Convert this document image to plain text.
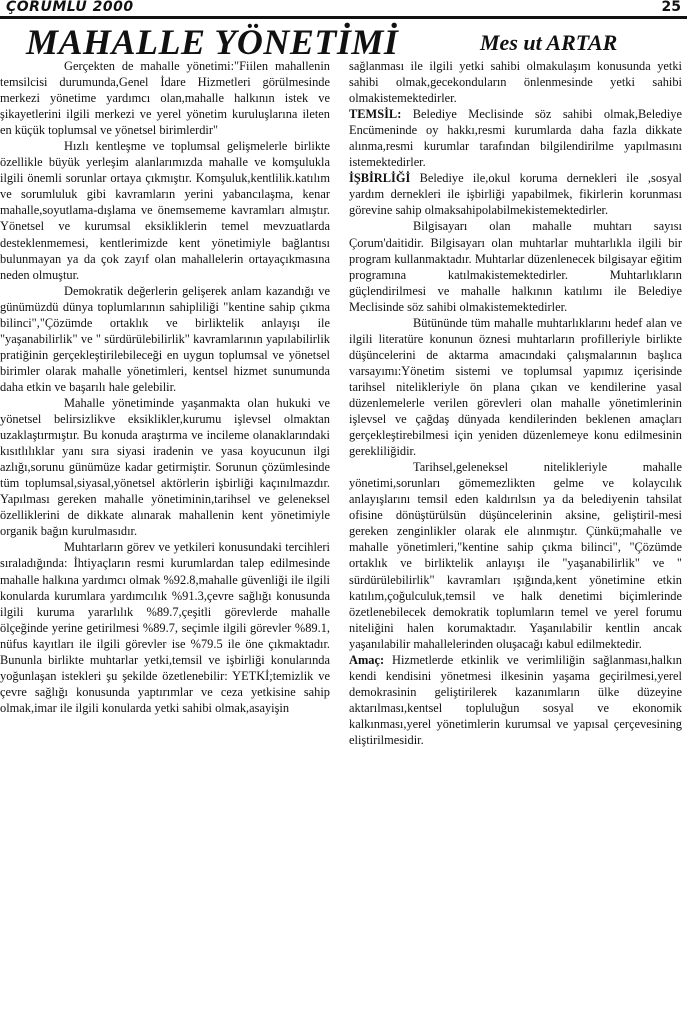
ÇORUMLU 2000	25
MAHALLE YÖNETİMİ	Mes ut ARTAR

Gerçekten de mahalle yönetimi:"Fiilen mahallenin temsilcisi durumunda,Genel İdare Hizmetleri görülmesinde merkezi yönetime yardımcı olan,mahalle halkının istek ve şikayetlerini ilgili merkezi ve yerel yönetim kuruluşlarına ileten en küçük toplumsal ve yönetsel birimlerdir"

Hızlı kentleşme ve toplumsal gelişmelerle birlikte özellikle büyük yerleşim alanlarımızda mahalle ve komşulukla ilgili önemli sorunlar ortaya çıkmıştır. Komşuluk,kentlilik.katılım ve sorumluluk gibi kavramların yerini yabancılaşma, kenar mahalle,soyutlama-dışlama ve önemsememe kavramları almıştır. Yönetsel ve kurumsal eksikliklerin temel mevzuatlarda desteklenmemesi, kentlerimizde kent yönetimiyle bağlantısı bulunmayan ya da çok zayıf olan mahallelerin ortayaçıkmasına neden olmuştur.

Demokratik değerlerin gelişerek anlam kazandığı ve günümüzdü dünya toplumlarının sahipliliği "kentine sahip çıkma bilinci","Çözümde ortaklık ve birliktelik anlayışı ile "yaşanabilirlik" ve " sürdürülebilirlik" kavramlarının yapılabilirlik pratiğinin gerçekleştirilebileceği en uygun toplumsal ve yönetsel birimler olarak mahalle yönetimleri, kentsel hizmet sunumunda daha etkin ve başarılı hale gelebilir.

Mahalle yönetiminde yaşanmakta olan hukuki ve yönetsel belirsizlikve eksiklikler,kurumu işlevsel olmaktan uzaklaştırmıştır. Bu konuda araştırma ve incileme olanaklarındaki kısıtlılıklar yanı sıra siyasi iradenin ve yasa koyucunun ilgi azlığı,sorunu günümüze kadar getirmiştir. Sorunun çözümlesinde tüm toplumsal,siyasal,yönetsel aktörlerin işbirliği kaçınılmazdır. Yapılması gereken mahalle yönetiminin,tarihsel ve geleneksel özelliklerini de dikkate alınarak mahallenin kent yönetimiyle organik bağın kurulmasıdır.

Muhtarların görev ve yetkileri konusundaki tercihleri sıraladığında: İhtiyaçların resmi kurumlardan talep edilmesinde mahalle halkına yardımcı olmak %92.8,mahalle güvenliği ile ilgili konularda kurumlara yardımcılık %91.3,çevre sağlığı konusunda ilgili kuruma yararlılık %89.7,çeşitli görevlerde mahalle ölçeğinde yerine getirilmesi %89.7, seçimle ilgili görevler %89.1, nüfus kayıtları ile ilgili görevler ise %79.5 ile öne çıkmaktadır. Bununla birlikte muhtarlar yetki,temsil ve işbirliği konularında yoğunlaşan istekleri şu şekilde özetlenebilir: YETKİ;temizlik ve çevre sağlığı konusunda yaptırımlar ve ceza yetkisine sahip olmak,imar ile ilgili konularda yetki sahibi olmak,asayişin

sağlanması ile ilgili yetki sahibi olmakulaşım konusunda yetki sahibi olmak,gecekonduların önlenmesinde yetki sahibi olmakistemektedirler.

TEMSİL: Belediye Meclisinde söz sahibi olmak,Belediye Encümeninde oy hakkı,resmi kurumlarda daha fazla dikkate alınma,resmi kurumlar tarafından bilgilendirilme yapılmasını istemektedirler.

İŞBİRLİĞİ Belediye ile,okul koruma dernekleri ile ,sosyal yardım dernekleri ile işbirliği yapabilmek, fikirlerin korunması görevine sahip olmaksahipolabilmekistemektedirler.

Bilgisayarı olan mahalle muhtarı sayısı Çorum'daitidir. Bilgisayarı olan muhtarlar muhtarlıkla ilgili bir program kullanmaktadır. Muhtarlar düzenlenecek bilgisayar eğitim programına katılmakistemektedirler. Muhtarlıkların güçlendirilmesi ve mahalle halkının katılımı ile Belediye Meclisinde söz sahibi olmakistemektedirler.

Bütününde tüm mahalle muhtarlıklarını hedef alan ve ilgili literatüre konunun öznesi muhtarların profilleriyle birlikte düşüncelerini de aktarma amacındaki çalışmalarının başlıca varsayımı:Yönetim sistemi ve toplumsal yapımız içerisinde tarihsel nitelikleriyle ön plana çıkan ve kendilerine yasal düzenlemelerle verilen görevleri olan mahalle yönetimlerinin işlevsel ve çağdaş dünyada kendilerinden beklenen amaçları gerçekleştirebilmesi için yeniden düzenlemeye konu edilmesinin gerekliliğidir.

Tarihsel,geleneksel nitelikleriyle mahalle yönetimi,sorunları gömemezlikten gelme ve kolaycılık anlayışlarını temsil eden kaldırılsın ya da belediyenin tahsilat ofisine dönüştürülsün düşüncelerinin aksine, geliştiril-mesi gereken zenginlikler olarak ele alınmıştır. Çünkü;mahalle ve mahalle yönetimleri,"kentine sahip çıkma bilinci", "Çözümde ortaklık ve birliktelik anlayışı ile "yaşanabilirlik" ve " sürdürülebilirlik" kavramları ışığında,kent yönetimine etkin katılım,çoğulculuk,temsil ve halk denetimi biçimlerinde özetlenebilecek demokratik toplumların temel ve yerel forumu niteliğini halen korumaktadır. Yaşanılabilir kentlin ancak yaşanılabilir mahallelerinden oluşacağı kabul edilmektedir.

Amaç: Hizmetlerde etkinlik ve verimliliğin sağlanması,halkın kendi kendisini yönetmesi ilkesinin yaşama geçirilmesi,yerel demokrasinin geliştirilerek kazanımların ülke düzeyine aktarılması,kentsel topluluğun sosyal ve ekonomik kalkınması,yerel yönetimlerin kurumsal ve yapısal çerçevesining eliştirilmesidir.
